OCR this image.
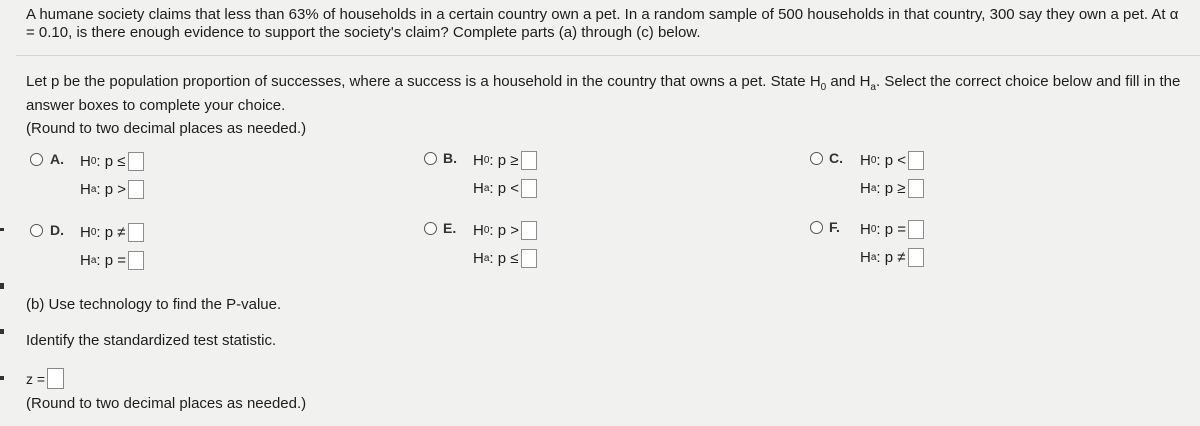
A humane society claims that less than 63% of households in a certain country own a pet. In a random sample of 500 households in that country, 300 say they own a pet. At α = 0.10, is there enough evidence to support the society's claim? Complete parts (a) through (c) below.

Let p be the population proportion of successes, where a success is a household in the country that owns a pet. State $H_0$ and $H_a$. Select the correct choice below and fill in the answer boxes to complete your choice.

(Round to two decimal places as needed.)

A. H 0 : p ≤
H a : p >
B. H 0 : p ≥
H a : p <
C. H 0 : p <
H a : p ≥
D. H 0 : p ≠
H a : p =
E. H 0 : p >
H a : p ≤
F. H 0 : p =
H a : p ≠

(b) Use technology to find the P-value.

Identify the standardized test statistic.

z =

(Round to two decimal places as needed.)
